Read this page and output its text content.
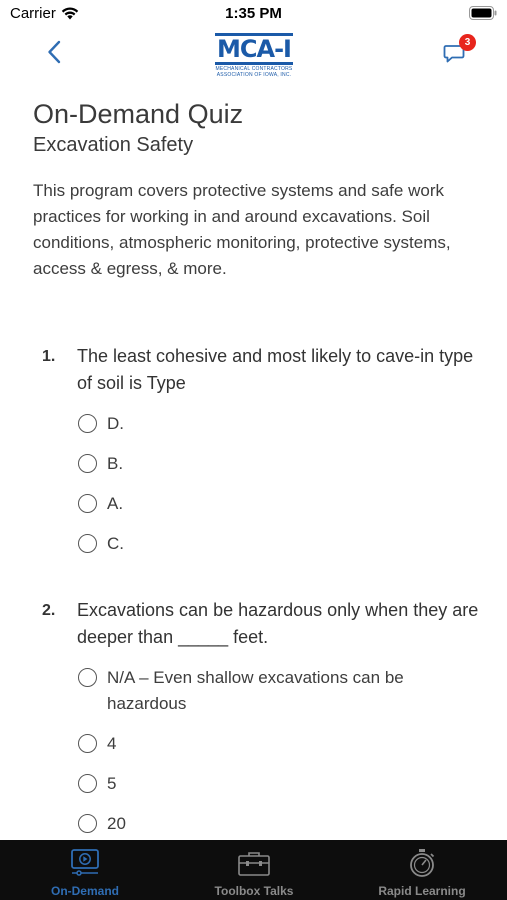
Carrier	1:35 PM
MCA-I
MECHANICAL CONTRACTORS
ASSOCIATION OF IOWA, INC.
3
On-Demand Quiz
Excavation Safety
This program covers protective systems and safe work practices for working in and around excavations. Soil conditions, atmospheric monitoring, protective systems, access & egress, & more.
1.	The least cohesive and most likely to cave-in type of soil is Type
D.
B.
A.
C.
2.	Excavations can be hazardous only when they are deeper than _____ feet.
N/A – Even shallow excavations can be hazardous
4
5
20
On-Demand	Toolbox Talks	Rapid Learning
